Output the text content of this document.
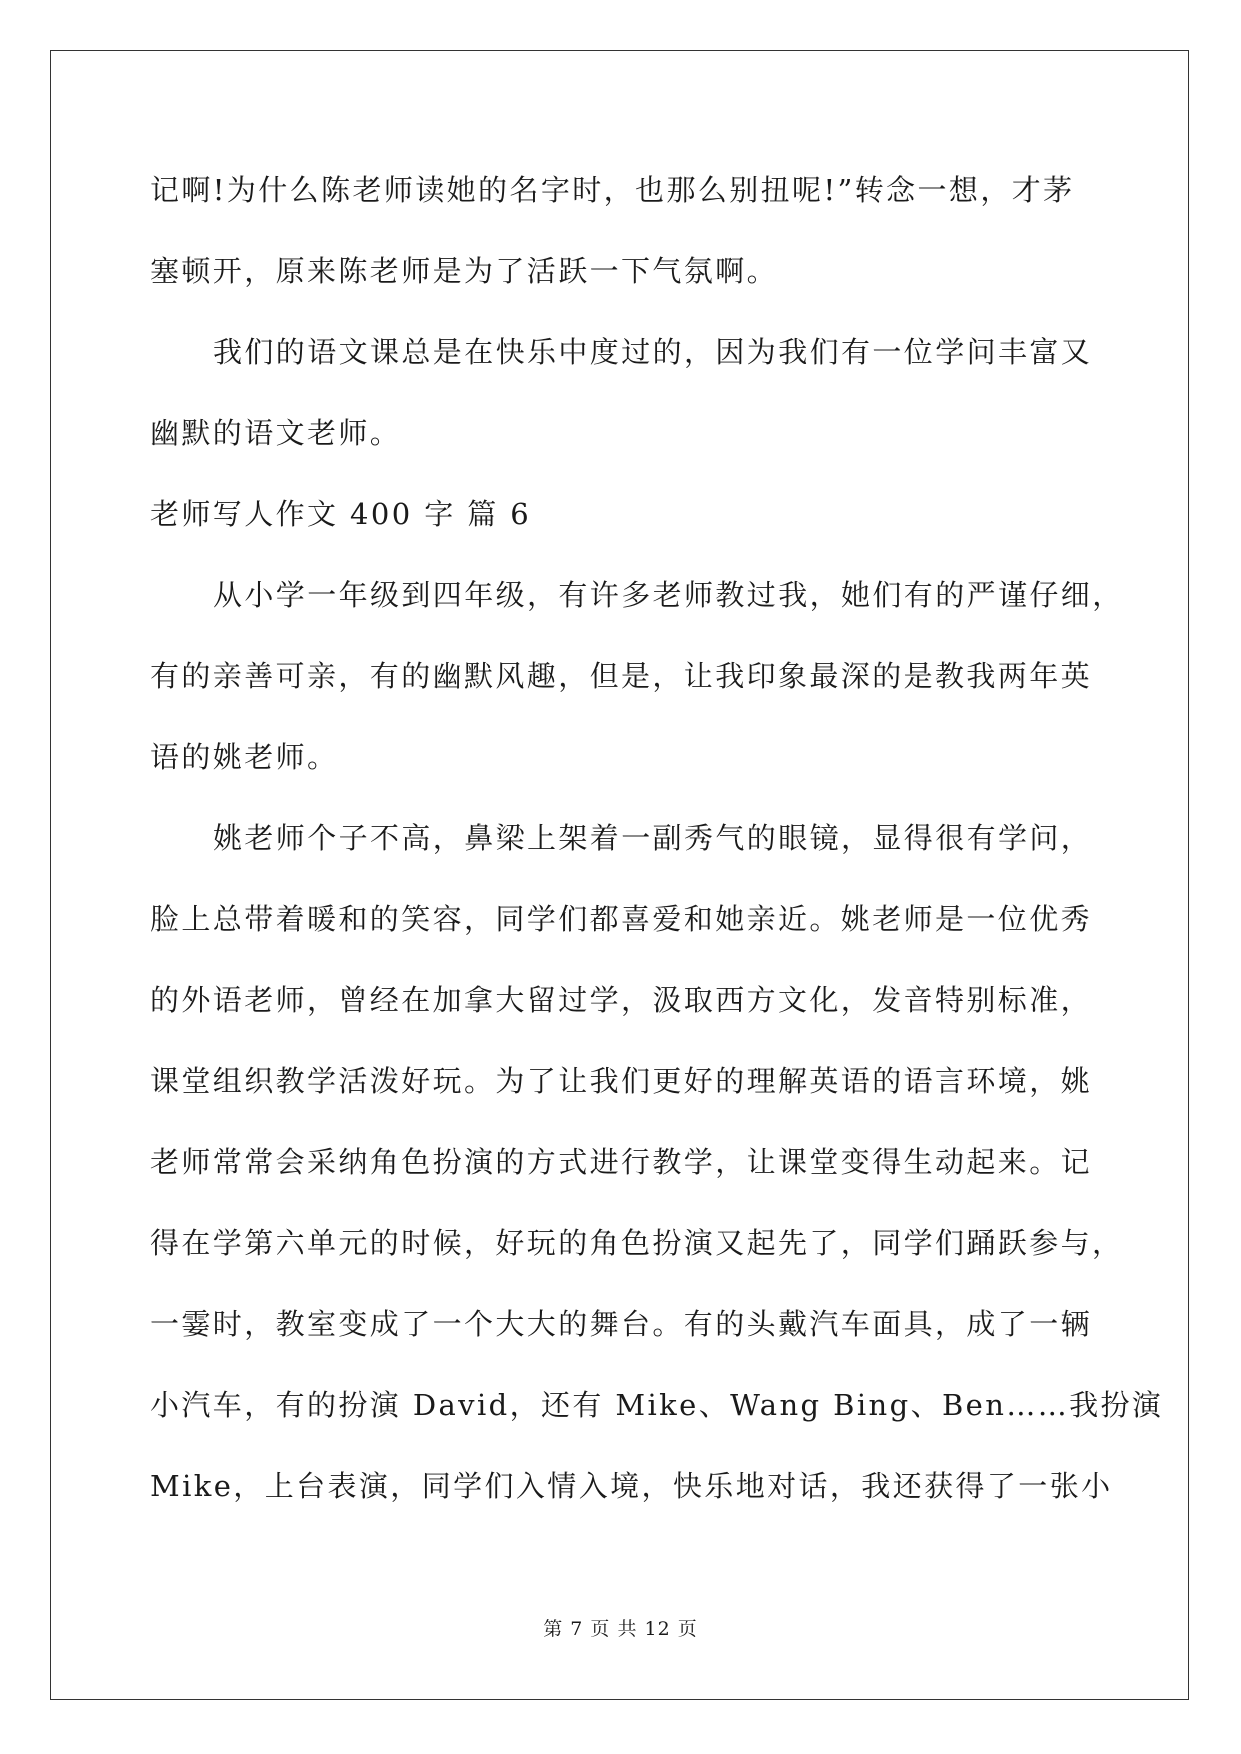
记啊!为什么陈老师读她的名字时，也那么别扭呢!”转念一想，才茅
塞顿开，原来陈老师是为了活跃一下气氛啊。
我们的语文课总是在快乐中度过的，因为我们有一位学问丰富又
幽默的语文老师。
老师写人作文 400 字 篇 6
从小学一年级到四年级，有许多老师教过我，她们有的严谨仔细，
有的亲善可亲，有的幽默风趣，但是，让我印象最深的是教我两年英
语的姚老师。
姚老师个子不高，鼻梁上架着一副秀气的眼镜，显得很有学问，
脸上总带着暖和的笑容，同学们都喜爱和她亲近。姚老师是一位优秀
的外语老师，曾经在加拿大留过学，汲取西方文化，发音特别标准，
课堂组织教学活泼好玩。为了让我们更好的理解英语的语言环境，姚
老师常常会采纳角色扮演的方式进行教学，让课堂变得生动起来。记
得在学第六单元的时候，好玩的角色扮演又起先了，同学们踊跃参与，
一霎时，教室变成了一个大大的舞台。有的头戴汽车面具，成了一辆
小汽车，有的扮演 David，还有 Mike、Wang Bing、Ben……我扮演
Mike，上台表演，同学们入情入境，快乐地对话，我还获得了一张小
第 7 页 共 12 页
